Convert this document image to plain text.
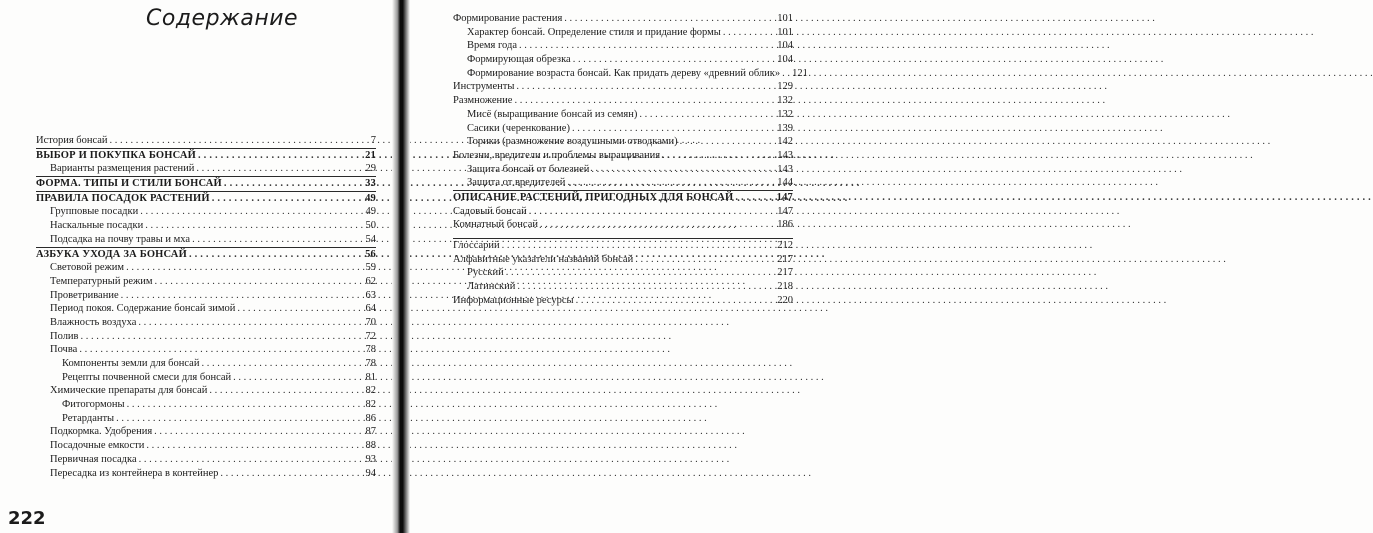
Содержание
История бонсай . . .	7
ВЫБОР И ПОКУПКА БОНСАЙ . . .	21
Варианты размещения растений . . .	29
ФОРМА. ТИПЫ И СТИЛИ БОНСАЙ . . .	33
ПРАВИЛА ПОСАДОК РАСТЕНИЙ . . .	49
Групповые посадки . . .	49
Наскальные посадки . . .	50
Подсадка на почву травы и мха . . .	54
АЗБУКА УХОДА ЗА БОНСАЙ . . .	56
Световой режим . . .	59
Температурный режим . . .	62
Проветривание . . .	63
Период покоя. Содержание бонсай зимой . . .	64
Влажность воздуха . . .	70
Полив . . .	72
Почва . . .	78
Компоненты земли для бонсай . . .	78
Рецепты почвенной смеси для бонсай . . .	81
Химические препараты для бонсай . . .	82
Фитогормоны . . .	82
Ретарданты . . .	86
Подкормка. Удобрения . . .	87
Посадочные емкости . . .	88
Первичная посадка . . .	93
Пересадка из контейнера в контейнер . . .	94
222
Формирование растения . . .	101
Характер бонсай. Определение стиля и придание формы . . .	101
Время года . . .	104
Формирующая обрезка . . .	104
Формирование возраста бонсай. Как придать дереву «древний облик» . . . 121
Инструменты . . .	129
Размножение . . .	132
Мисё (выращивание бонсай из семян) . . .	132
Сасики (черенкование) . . .	139
Торики (размножение воздушными отводками) . . .	142
Болезни, вредители и проблемы выращивания . . .	143
Защита бонсай от болезней . . .	143
Защита от вредителей . . .	144
ОПИСАНИЕ РАСТЕНИЙ, ПРИГОДНЫХ ДЛЯ БОНСАЙ . . .	147
Садовый бонсай . . .	147
Комнатный бонсай . . .	186
Глоссарий . . .	212
Алфавитные указатели названий бонсай . . .	217
Русский . . .	217
Латинский . . .	218
Информационные ресурсы . . .	220
